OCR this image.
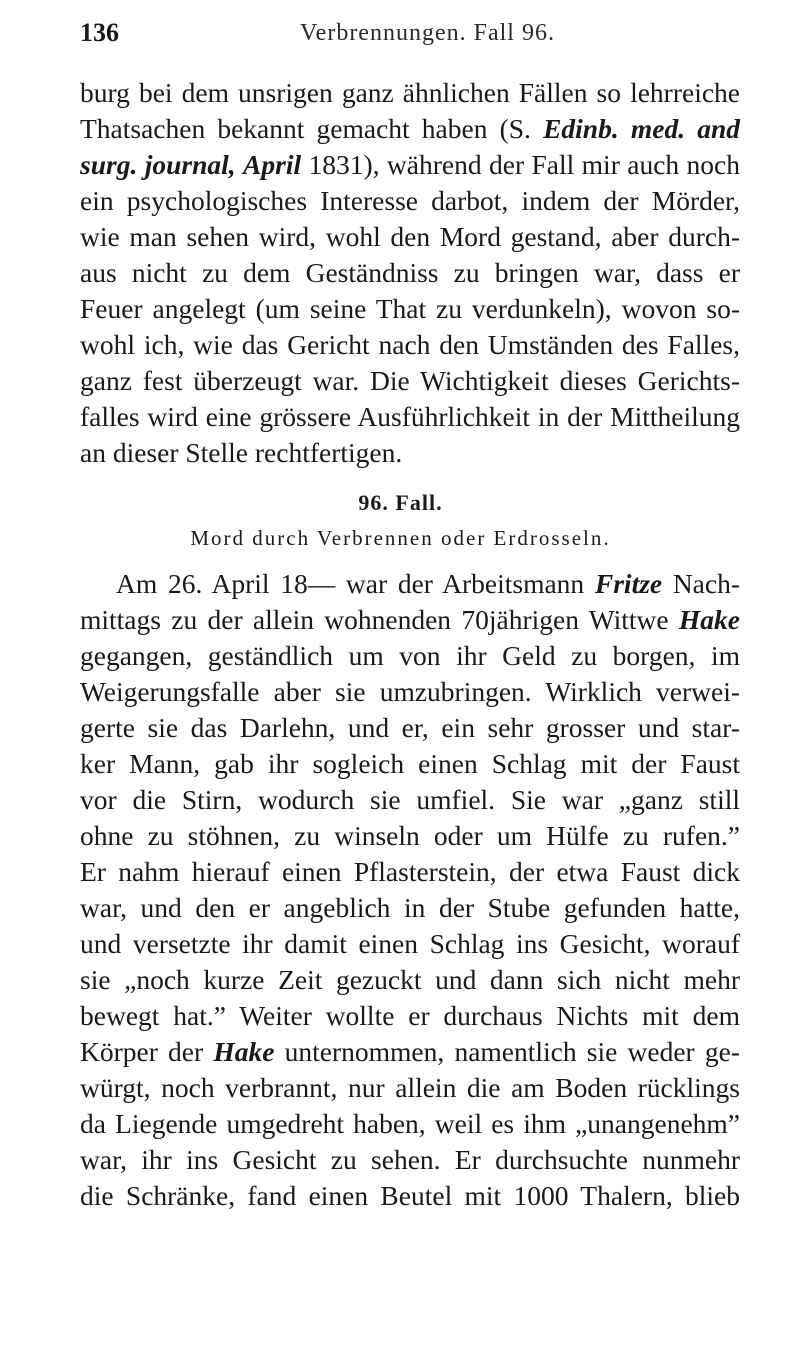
136	Verbrennungen. Fall 96.
burg bei dem unsrigen ganz ähnlichen Fällen so lehrreiche
Thatsachen bekannt gemacht haben (S. Edinb. med. and
surg. journal, April 1831), während der Fall mir auch noch
ein psychologisches Interesse darbot, indem der Mörder,
wie man sehen wird, wohl den Mord gestand, aber durch-
aus nicht zu dem Geständniss zu bringen war, dass er
Feuer angelegt (um seine That zu verdunkeln), wovon so-
wohl ich, wie das Gericht nach den Umständen des Falles,
ganz fest überzeugt war. Die Wichtigkeit dieses Gerichts-
falles wird eine grössere Ausführlichkeit in der Mittheilung
an dieser Stelle rechtfertigen.
96. Fall.
Mord durch Verbrennen oder Erdrosseln.
Am 26. April 18— war der Arbeitsmann Fritze Nach-
mittags zu der allein wohnenden 70jährigen Wittwe Hake
gegangen, geständlich um von ihr Geld zu borgen, im
Weigerungsfalle aber sie umzubringen. Wirklich verwei-
gerte sie das Darlehn, und er, ein sehr grosser und star-
ker Mann, gab ihr sogleich einen Schlag mit der Faust
vor die Stirn, wodurch sie umfiel. Sie war „ganz still
ohne zu stöhnen, zu winseln oder um Hülfe zu rufen.”
Er nahm hierauf einen Pflasterstein, der etwa Faust dick
war, und den er angeblich in der Stube gefunden hatte,
und versetzte ihr damit einen Schlag ins Gesicht, worauf
sie „noch kurze Zeit gezuckt und dann sich nicht mehr
bewegt hat.” Weiter wollte er durchaus Nichts mit dem
Körper der Hake unternommen, namentlich sie weder ge-
würgt, noch verbrannt, nur allein die am Boden rücklings
da Liegende umgedreht haben, weil es ihm „unangenehm”
war, ihr ins Gesicht zu sehen. Er durchsuchte nunmehr
die Schränke, fand einen Beutel mit 1000 Thalern, blieb
